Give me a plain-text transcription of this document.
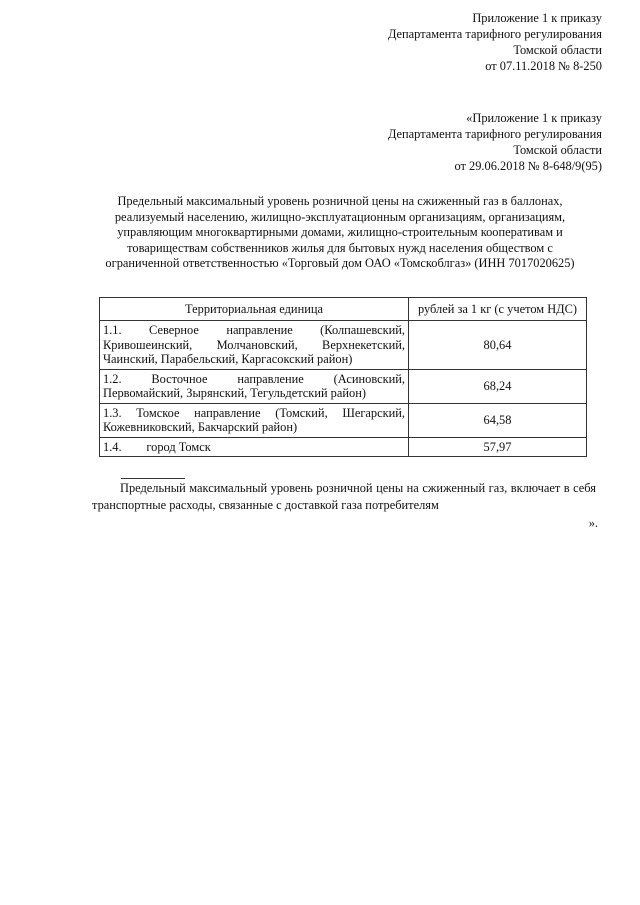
Приложение 1 к приказу
Департамента тарифного регулирования
Томской области
от 07.11.2018 № 8-250
«Приложение 1 к приказу
Департамента тарифного регулирования
Томской области
от 29.06.2018 № 8-648/9(95)
Предельный максимальный уровень розничной цены на сжиженный газ в баллонах,
реализуемый населению, жилищно-эксплуатационным организациям, организациям,
управляющим многоквартирными домами, жилищно-строительным кооперативам и
товариществам собственников жилья для бытовых нужд населения обществом с
ограниченной ответственностью «Торговый дом ОАО «Томскоблгаз» (ИНН 7017020625)
Территориальная единица	рублей за 1 кг (с учетом НДС)
1.1. Северное направление (Колпашевский, Кривошеинский, Молчановский, Верхнекетский, Чаинский, Парабельский, Каргасокский район)	80,64
1.2. Восточное направление (Асиновский, Первомайский, Зырянский, Тегульдетский район)	68,24
1.3. Томское направление (Томский, Шегарский, Кожевниковский, Бакчарский район)	64,58
1.4.        город Томск	57,97
Предельный максимальный уровень розничной цены на сжиженный газ, включает в себя транспортные расходы, связанные с доставкой газа потребителям
».
